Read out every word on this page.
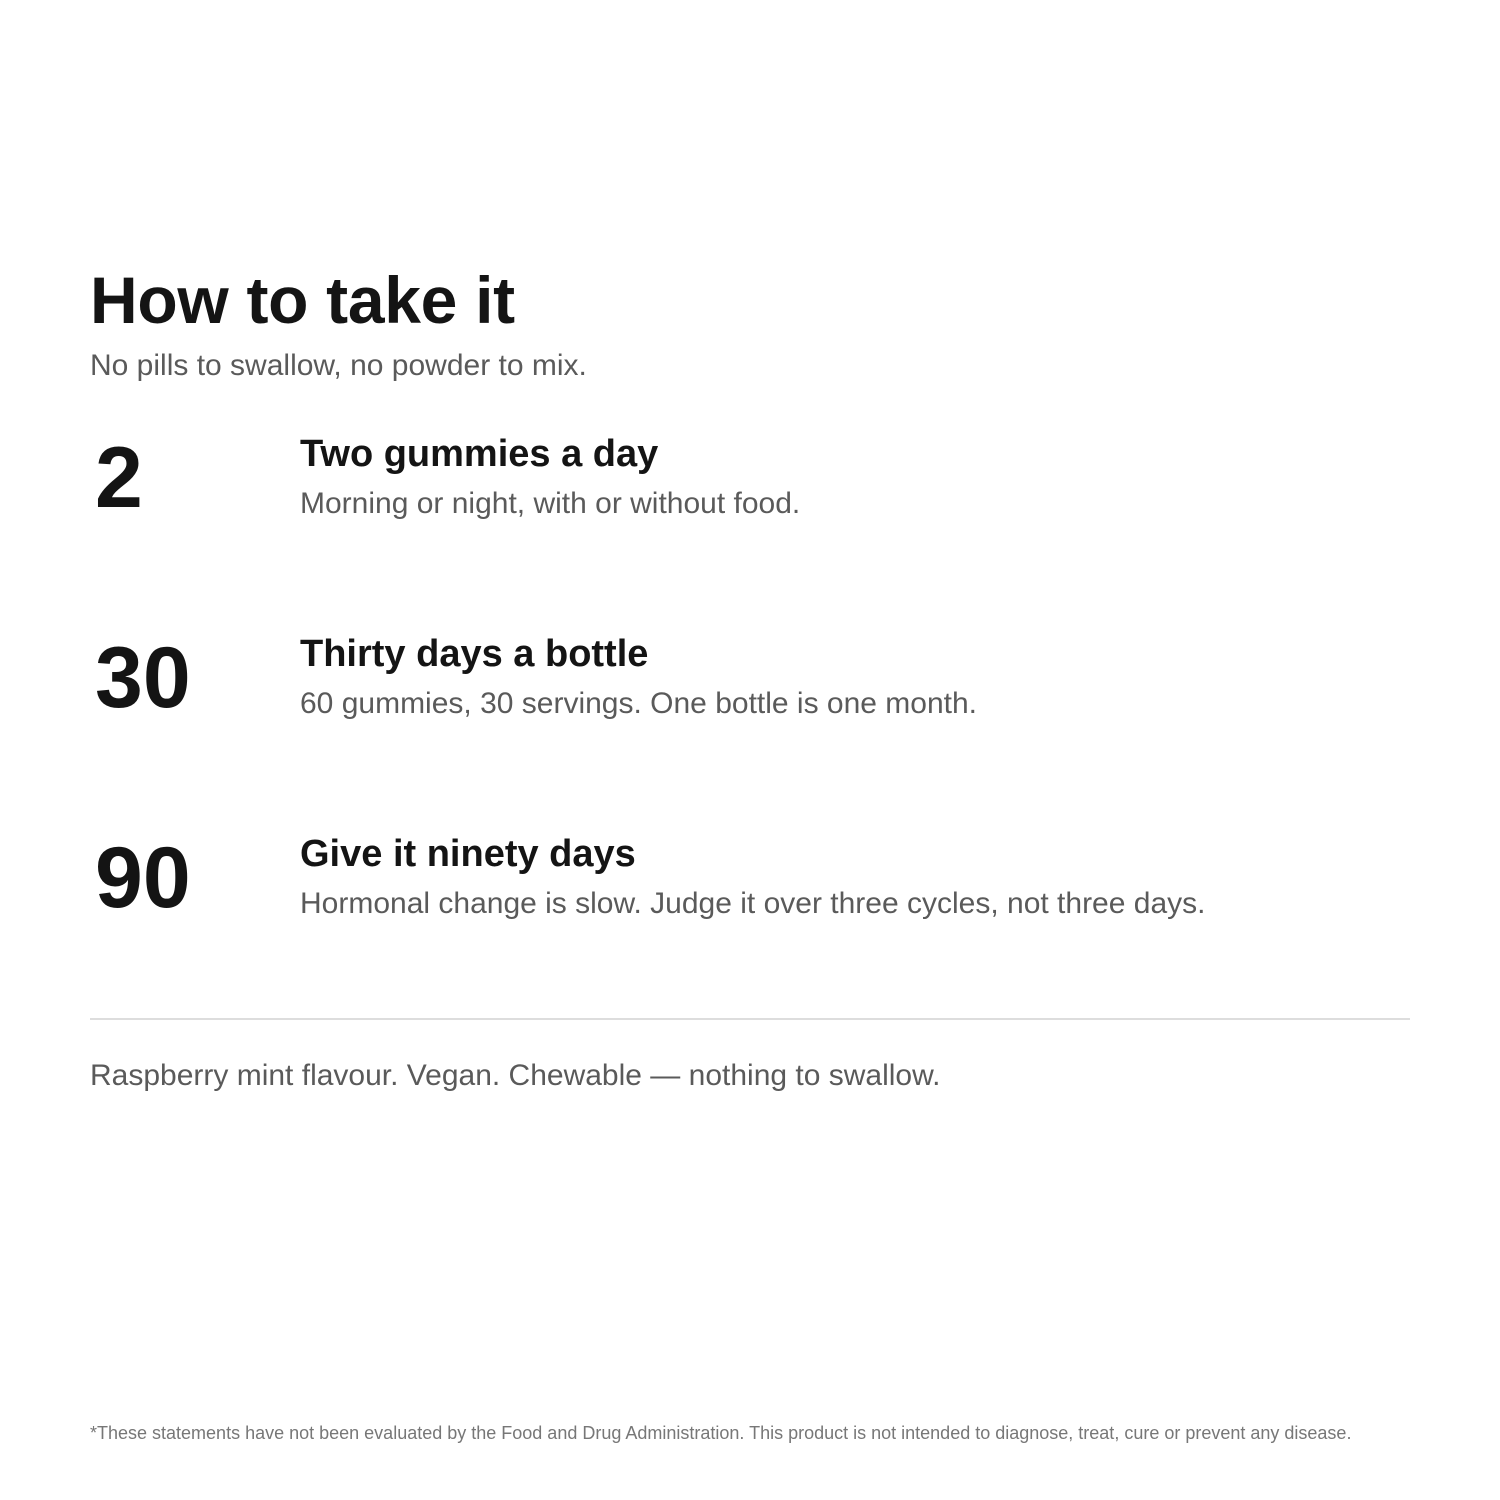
How to take it

No pills to swallow, no powder to mix.

2	Two gummies a day

Morning or night, with or without food.

30	Thirty days a bottle

60 gummies, 30 servings. One bottle is one month.

90	Give it ninety days

Hormonal change is slow. Judge it over three cycles, not three days.

Raspberry mint flavour. Vegan. Chewable — nothing to swallow.

*These statements have not been evaluated by the Food and Drug Administration. This product is not intended to diagnose, treat, cure or prevent any disease.
